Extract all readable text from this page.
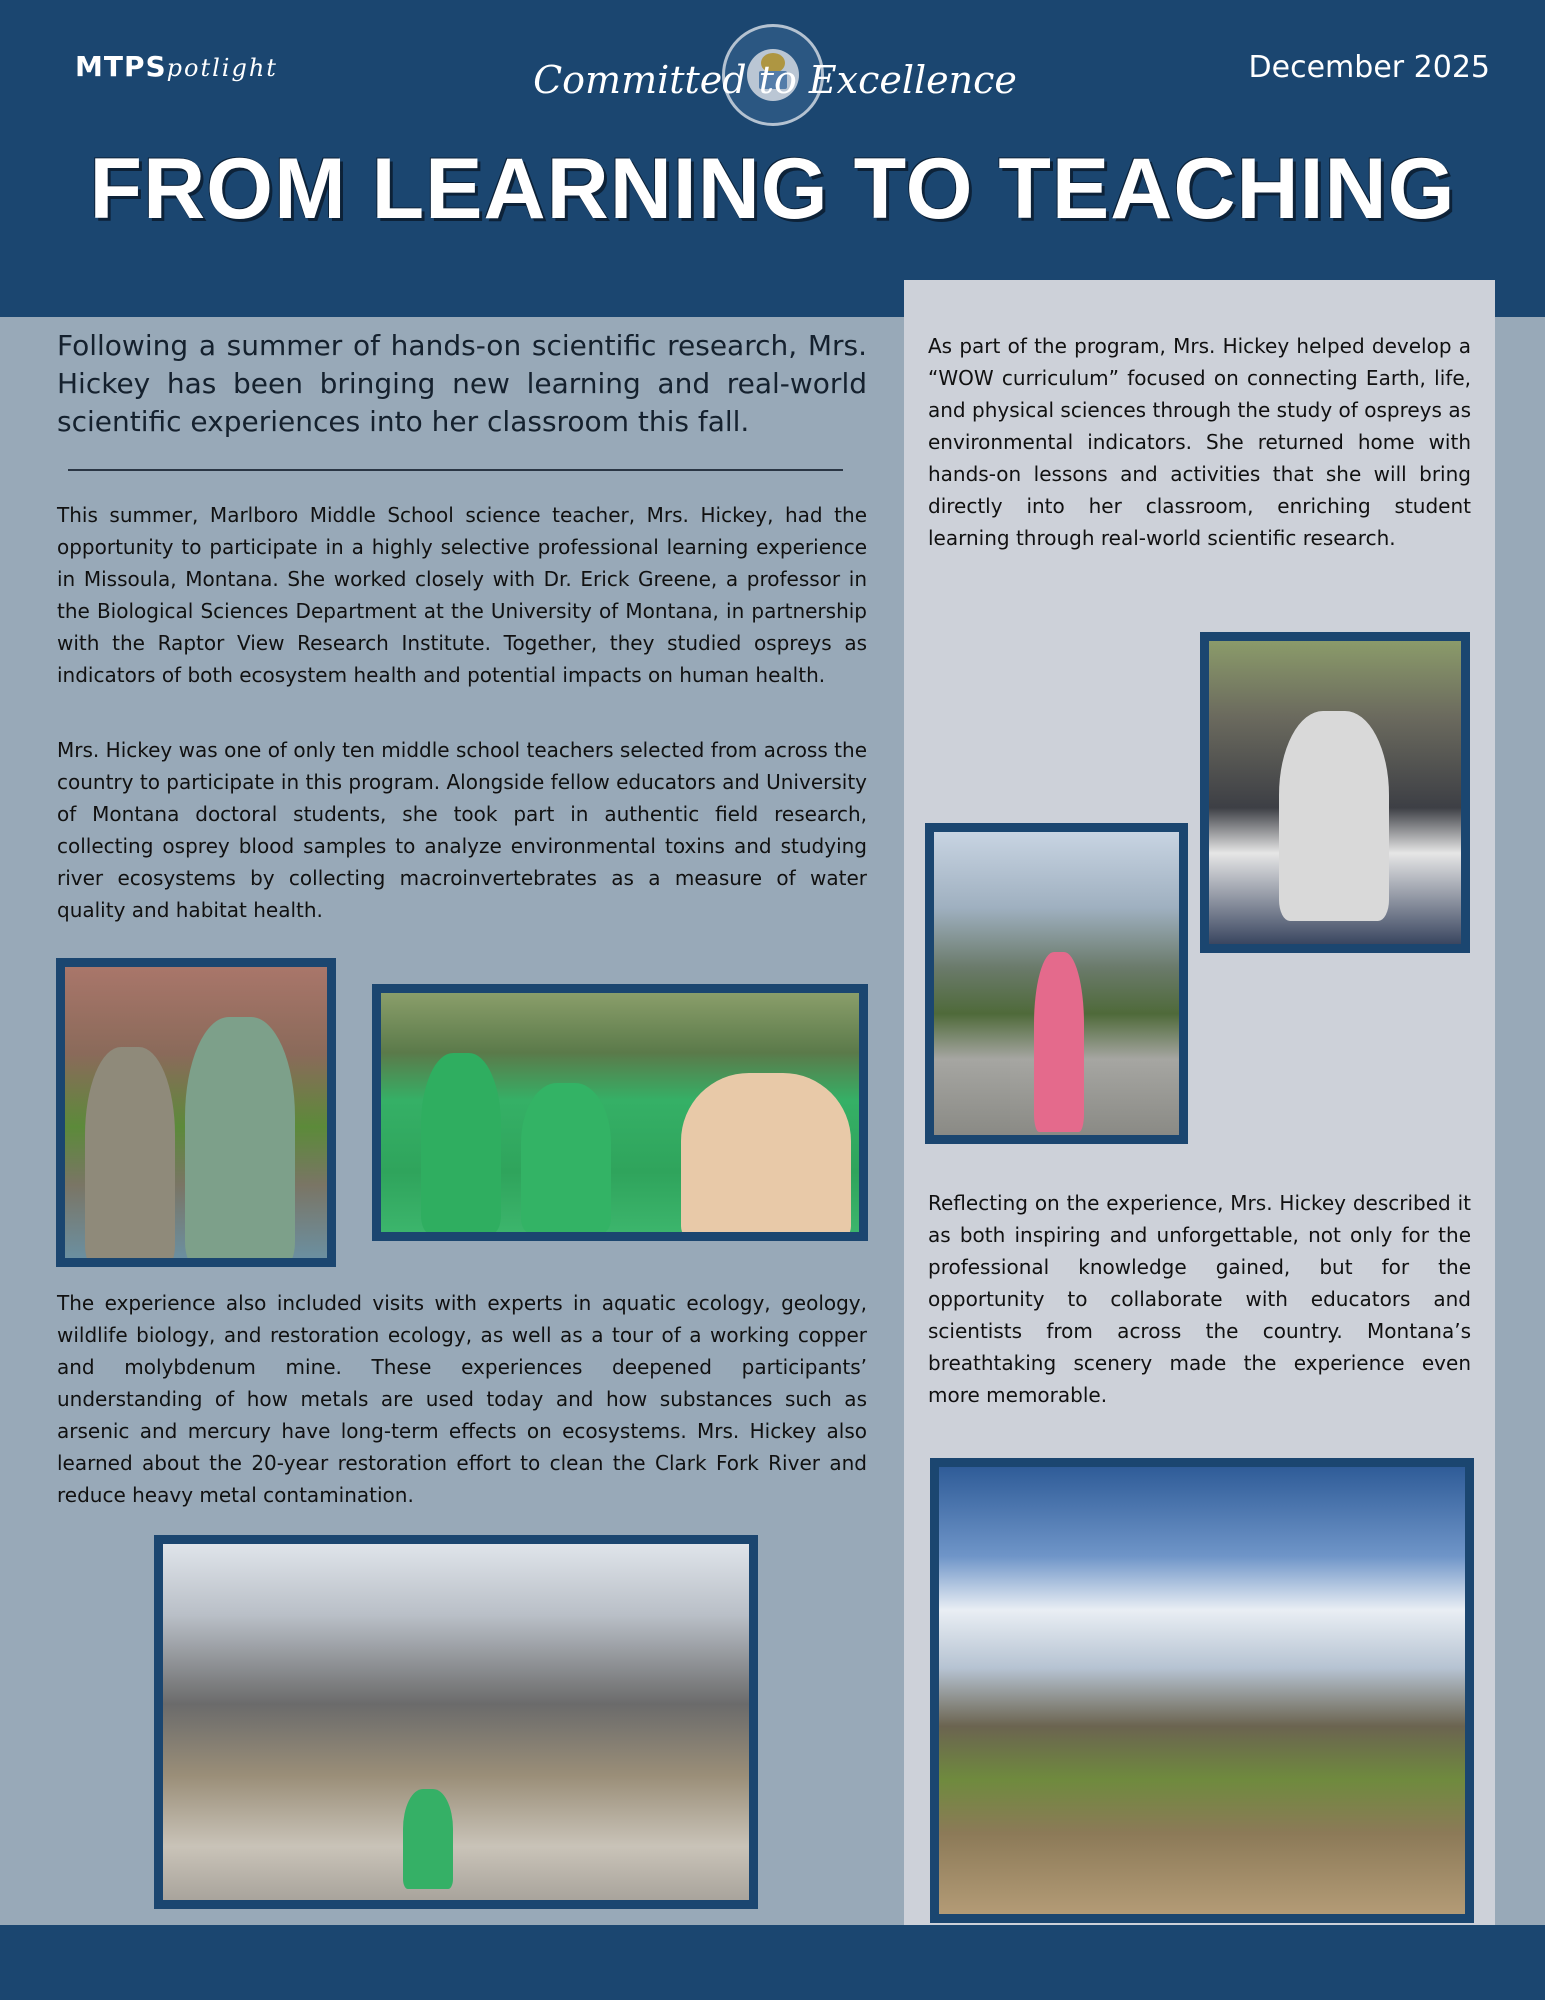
MTPSpotlight	Committed to Excellence	December 2025
FROM LEARNING TO TEACHING
Following a summer of hands-on scientific research, Mrs. Hickey has been bringing new learning and real-world scientific experiences into her classroom this fall.

This summer, Marlboro Middle School science teacher, Mrs. Hickey, had the opportunity to participate in a highly selective professional learning experience in Missoula, Montana. She worked closely with Dr. Erick Greene, a professor in the Biological Sciences Department at the University of Montana, in partnership with the Raptor View Research Institute. Together, they studied ospreys as indicators of both ecosystem health and potential impacts on human health.

Mrs. Hickey was one of only ten middle school teachers selected from across the country to participate in this program. Alongside fellow educators and University of Montana doctoral students, she took part in authentic field research, collecting osprey blood samples to analyze environmental toxins and studying river ecosystems by collecting macroinvertebrates as a measure of water quality and habitat health.

The experience also included visits with experts in aquatic ecology, geology, wildlife biology, and restoration ecology, as well as a tour of a working copper and molybdenum mine. These experiences deepened participants’ understanding of how metals are used today and how substances such as arsenic and mercury have long-term effects on ecosystems. Mrs. Hickey also learned about the 20-year restoration effort to clean the Clark Fork River and reduce heavy metal contamination.

As part of the program, Mrs. Hickey helped develop a “WOW curriculum” focused on connecting Earth, life, and physical sciences through the study of ospreys as environmental indicators. She returned home with hands-on lessons and activities that she will bring directly into her classroom, enriching student learning through real-world scientific research.

Reflecting on the experience, Mrs. Hickey described it as both inspiring and unforgettable, not only for the professional knowledge gained, but for the opportunity to collaborate with educators and scientists from across the country. Montana’s breathtaking scenery made the experience even more memorable.
